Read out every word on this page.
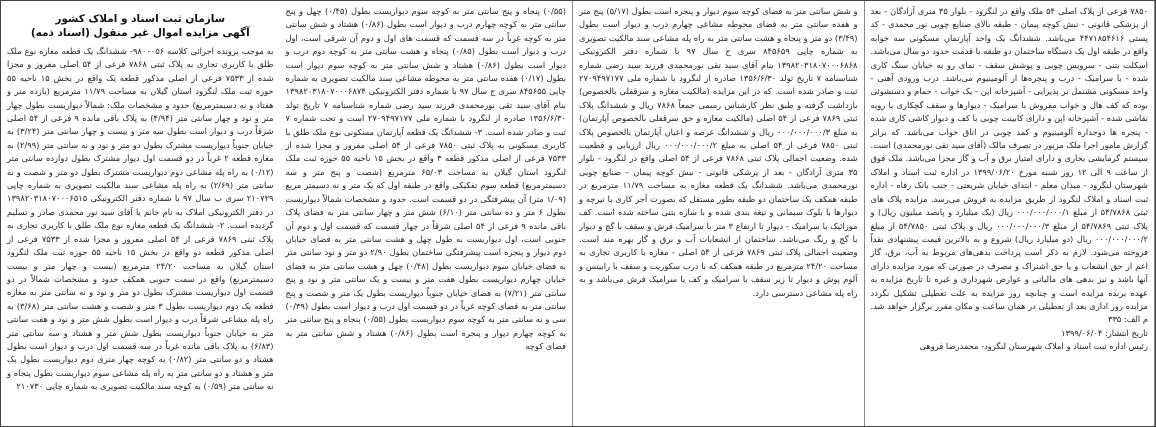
سازمان ثبت اسناد و املاک کشور
آگهی مزایده اموال غیر منقول (اسناد ذمه)
به موجب پرونده اجرائی کلاسه ۹۸۰۰۰۵۶- ششدانگ یک قطعه مغازه نوع ملک طلق با کاربری تجاری به پلاک ثبتی ۷۸۶۸ فرعی از ۵۴ اصلی مفروز و مجزا شده از ۷۵۳۳ فرعی از اصلی مذکور قطعه یک واقع در بخش ۱۵ ناحیه ۵۵ حوزه ثبت ملک لنگرود استان گیلان به مساحت ۱۱/۷۹ مترمربع (یازده متر و هفتاد و نه دسیمترمربع) حدود و مشخصات ملک: شمالاً دیواریست بطول چهار متر و نود و چهار سانتی متر (۴/۹۴) به پلاک باقی مانده ۹ فرعی از ۵۴ اصلی شرقاً درب و دیوار است بطول سه متر و بیست و چهار سانتی متر (۳/۲۴) به خیابان جنوباً دیواریست مشترک بطول دو متر و نود و نه سانتی متر (۲/۹۹) به مغازه قطعه ۲ غرباً در دو قسمت اول دیوار مشترک بطول دوازده سانتی متر (۰/۱۲) به راه پله مشاعی دوم دیواریست مشترک بطول دو متر و شصت و نه سانتی متر (۲/۶۹) به راه پله مشاعی سند مالکیت تصویری به شماره چاپی ۲۱۰۷۲۹ سری ب سال ۹۷ با شماره دفتر الکترونیکی ۱۳۹۸۲۰۳۱۸۰۷۰۰۰۶۵۱۵ در دفتر الکترونیکی املاک به نام خانم یا آقای سید نور محمدی صادر و تسلیم گردیده است. ۲- ششدانگ یک قطعه مغازه نوع ملک طلق با کاربری تجاری به پلاک ثبتی ۷۸۶۹ فرعی از ۵۴ اصلی مفروز و مجزا شده از ۷۵۳۳ فرعی از اصلی مذکور قطعه دو واقع در بخش ۱۵ ناحیه ۵۵ حوزه ثبت ملک لنگرود استان گیلان به مساحت ۲۴/۲۰ مترمربع (بیست و چهار متر و بیست دسیمترمربع) واقع در سمت جنوبی همکف حدود و مشخصات شمالاً در دو قسمت اول دیواریست مشترک بطول دو متر و نود و نه سانتی متر به مغازه قطعه یک دوم دیواریست بطول ۳ متر و شصت و هشت سانتی متر (۳/۶۸) به راه پله مشاعی شرقاً درب و دیوار است بطول شش متر و نود و هفت سانتی متر به خیابان جنوباً دیواریست بطول شش متر و هشتاد و سه سانتی متر (۶/۸۳) به پلاک باقی مانده غرباً در سه قسمت اول درب و دیوار است بطول هشتاد و دو سانتی متر (۰/۸۲) به کوچه چهار متری دوم دیواریست بطول یک متر و هشتاد و دو سانتی متر به راه پله مشاعی سوم دیواریست بطول پنجاه و نه سانتی متر (۰/۵۹) به کوچه سند مالکیت تصویری به شماره چاپی ۲۱۰۷۳۰
(۰/۵۵) پنجاه و پنج سانتی متر به کوچه سوم دیواریست بطول (۰/۴۵) چهل و پنج سانتی متر به کوچه چهارم درب و دیوار است بطول (۰/۸۶) هشتاد و شش سانتی متر به کوچه غرباً در سه قسمت که قسمت های اول و دوم آن شرقی است، اول درب و دیوار است بطول (۰/۸۵) پنجاه و هشت سانتی متر به کوچه دوم درب و دیوار است بطول (۰/۸۶) هشتاد و شش سانتی متر به کوچه سوم دیوار است بطول (۰/۱۷) هفده سانتی متر به محوطه مشاعی سند مالکیت تصویری به شماره چاپی ۸۴۵۶۵۵ سری ج سال ۹۷ با شماره دفتر الکترونیکی ۱۳۹۸۲۰۳۱۸۰۷۰۰۰۶۸۷۴ بنام آقای سید تقی نورمحمدی فرزند سید رضی شماره شناسنامه ۷ تاریخ تولد ۱۳۵۶/۶/۳۰ صادره از لنگرود با شماره ملی ۲۷۰۹۴۹۷۱۷۷ است و تحت شماره ۷ ثبت و صادر شده است. ۳- ششدانگ یک قطعه آپارتمان مسکونی نوع ملک طلق با کاربری مسکونی به پلاک ثبتی ۷۸۵۰ فرعی از ۵۴ اصلی مفروز و مجزا شده از ۷۵۳۳ فرعی از اصلی مذکور قطعه ۳ واقع در بخش ۱۵ ناحیه ۵۵ حوزه ثبت ملک لنگرود استان گیلان به مساحت ۶۵/۰۳ مترمربع (شصت و پنج متر و سه دسیمترمربع) قطعه سوم تفکیکی واقع در طبقه اول که یک متر و نه دسیمتر مربع (۱/۰۹ متر) آن پیشرفتگی در دو قسمت است. حدود و مشخصات شمالاً دیواریست بطول ۶ متر و ده سانتی متر (۶/۱۰) شش متر و چهار سانتی متر به فضای پلاک باقی مانده ۹ فرعی از ۵۴ اصلی شرقاً در چهار قسمت که قسمت اول و دوم آن جنوبی است، اول دیواریست به طول چهل و هشت سانتی متر به فضای خیابان دوم دیوار و پنجره است پیشرفتگی ساختمان بطول ۲/۹۰ دو متر و نود سانتی متر به فضای خیابان سوم دیواریست بطول (۰/۴۸) چهل و هشت سانتی متر به فضای خیابان چهارم دیواریست بطول هفت متر و بیست و یک سانتی متر و نود و پنج سانتی متر (۷/۲۱) به فضای خیابان جنوباً دیواریست بطول یک متر و شصت و پنج سانتی متر به فضای کوچه غرباً در دو قسمت اول درب و دیوار است بطول (۰/۳۹) سی و نه سانتی متر به کوچه سوم دیواریست بطول (۰/۵۵) پنجاه و پنج سانتی متر به کوچه چهارم دیوار و پنجره است بطول (۰/۸۶) هشتاد و شش سانتی متر به فضای کوچه
و شش سانتی متر به فضای کوچه سوم دیوار و پنجره است بطول (۵/۱۷) پنج متر و هفده سانتی متر به فضای محوطه مشاعی چهارم درب و دیوار است بطول (۳/۴۹) دو متر و پنجاه و هشت سانتی متر به راه پله مشاعی سند مالکیت تصویری به شماره چاپی ۸۴۵۶۵۹ سری ج سال ۹۷ با شماره دفتر الکترونیکی ۱۳۹۸۲۰۳۱۸۰۷۰۰۰۶۸۶۸ بنام آقای سید تقی نورمحمدی فرزند سید رضی شماره شناسنامه ۷ تاریخ تولد ۱۳۵۶/۶/۳۰ صادره از لنگرود با شماره ملی ۲۷۰۹۴۹۷۱۷۷ ثبت و صادر شده است. که در این مزایده (مالکیت مغازه و سرقفلی بالخصوص) بازداشت گرفته و طبق نظر کارشناس رسمی جمعاً ۷۸۶۸ ریال و ششدانگ پلاک ثبتی ۷۸۶۹ فرعی از ۵۴ اصلی (مالکیت مغازه و حق سرقفلی بالخصوص آپارتمان) به مبلغ ۰۰۰/۰۰۰/۰۰۰/۳ ریال و ششدانگ عرصه و اعیان آپارتمان بالخصوص پلاک ثبتی ۷۸۵۰ فرعی از ۵۴ اصلی به مبلغ ۰۰۰/۰۰۰/۰۰۰/۲ ریال ارزیابی و قطعیت شده. وضعیت اجمالی پلاک ثبتی ۷۸۶۸ فرعی از ۵۴ اصلی واقع در لنگرود - بلوار ۳۵ متری آزادگان - بعد از پزشکی قانونی - نبش کوچه پیمان - صنایع چوبی نورمحمدی می‌باشد. ششدانگ یک قطعه مغازه به مساحت ۱۱/۷۹ مترمربع در طبقه همکف یک ساختمان دو طبقه بطور مستقل که بصورت آجر کاری با تیرچه و دیوارها با بلوک سیمانی و تیغه بندی شده و با سازه بتنی ساخته شده است. کف موزائیک یا سرامیک - دیوار تا ارتفاع ۳ متر با سرامیک فرش و سقف با گچ و دیوار با گچ و رنگ می‌باشد. ساختمان از انشعابات آب و برق و گاز بهره مند است. وضعیت اجمالی پلاک ثبتی ۷۸۶۹ فرعی از ۵۴ اصلی - مغازه با کاربری تجاری به مساحت ۲۴/۲۰ مترمربع در طبقه همکف که با درب سکوریت و سقف با رابیتس و آلوم پوش و دیوار تا زیر سقف با سرامیک و کف با سرامیک فرش می‌باشد و به راه پله مشاعی دسترسی دارد.
۷۸۵۰ فرعی از پلاک اصلی ۵۴ ملک واقع در لنگرود - بلوار ۳۵ متری آزادگان - بعد از پزشکی قانونی - نبش کوچه پیمان - طبقه بالای صنایع چوبی نور محمدی - کد پستی ۴۴۷۱۸۵۴۶۱۶ می‌باشد. ششدانگ یک واحد آپارتمان مسکونی سه خوابه واقع در طبقه اول یک دستگاه ساختمان دو طبقه با قدمت حدود دو سال می‌باشد. اسکلت بتنی - سرویس چوبی و پوشش سقف - نمای رو به خیابان سنگ کاری شده - با سرامیک - درب و پنجره‌ها از آلومینیوم می‌باشد. درب ورودی آهنی - واحد مسکونی مشتمل بر پذیرایی - آشپزخانه اپن - یک خواب - حمام و دستشوئی بوده که کف هال و خواب مفروش با سرامیک - دیوارها و سقف گچکاری با رویه نقاشی شده - آشپزخانه اپن و دارای کابینت چوبی با کف و دیوار کاشی کاری شده - پنجره ها دوجداره آلومینیوم و کمد چوبی در اتاق خواب می‌باشد. که برابر گزارش مامور اجرا ملک مزبور در تصرف مالک (آقای سید تقی نورمحمدی) است. سیستم گرمایشی بخاری و دارای امتیاز برق و آب و گاز مجزا می‌باشد. ملک فوق از ساعت ۹ الی ۱۲ روز شنبه مورخ ۱۳۹۹/۰۶/۲۰ در اداره ثبت اسناد و املاک شهرستان لنگرود - میدان معلم - ابتدای خیابان شریعتی - جنب بانک رفاه - اداره ثبت اسناد و املاک لنگرود از طریق مزایده به فروش می‌رسد. مزایده پلاک های ثبتی ۵۴/۷۸۶۸ از مبلغ ۰۰۰/۰۰۰/۰۰۰/۱ ریال (یک میلیارد و پانصد میلیون ریال) و پلاک ثبتی ۵۴/۷۸۶۹ از مبلغ ۰۰۰/۰۰۰/۰۰۰/۳ ریال و پلاک ثبتی ۵۴/۷۸۵۰ از مبلغ ۰۰۰/۰۰۰/۰۰۰/۲ ریال (دو میلیارد ریال) شروع و به بالاترین قیمت پیشنهادی نقداً فروخته می‌شود. لازم به ذکر است پرداخت بدهی‌های مربوط به آب، برق، گاز اعم از حق انشعاب و یا حق اشتراک و مصرف در صورتی که مورد مزایده دارای آنها باشد و نیز بدهی های مالیاتی و عوارض شهرداری و غیره تا تاریخ مزایده به عهده برنده مزایده است و چنانچه روز مزایده به علت تعطیلی تشکیل نگردد مزایده روز اداری بعد از تعطیلی در همان ساعت و مکان مقرر برگزار خواهد شد. م الف: ۳۳۵
تاریخ انتشار: ۱۳۹۹/۰۶/۰۴
رئیس اداره ثبت اسناد و املاک شهرستان لنگرود- محمدرضا فروهی
